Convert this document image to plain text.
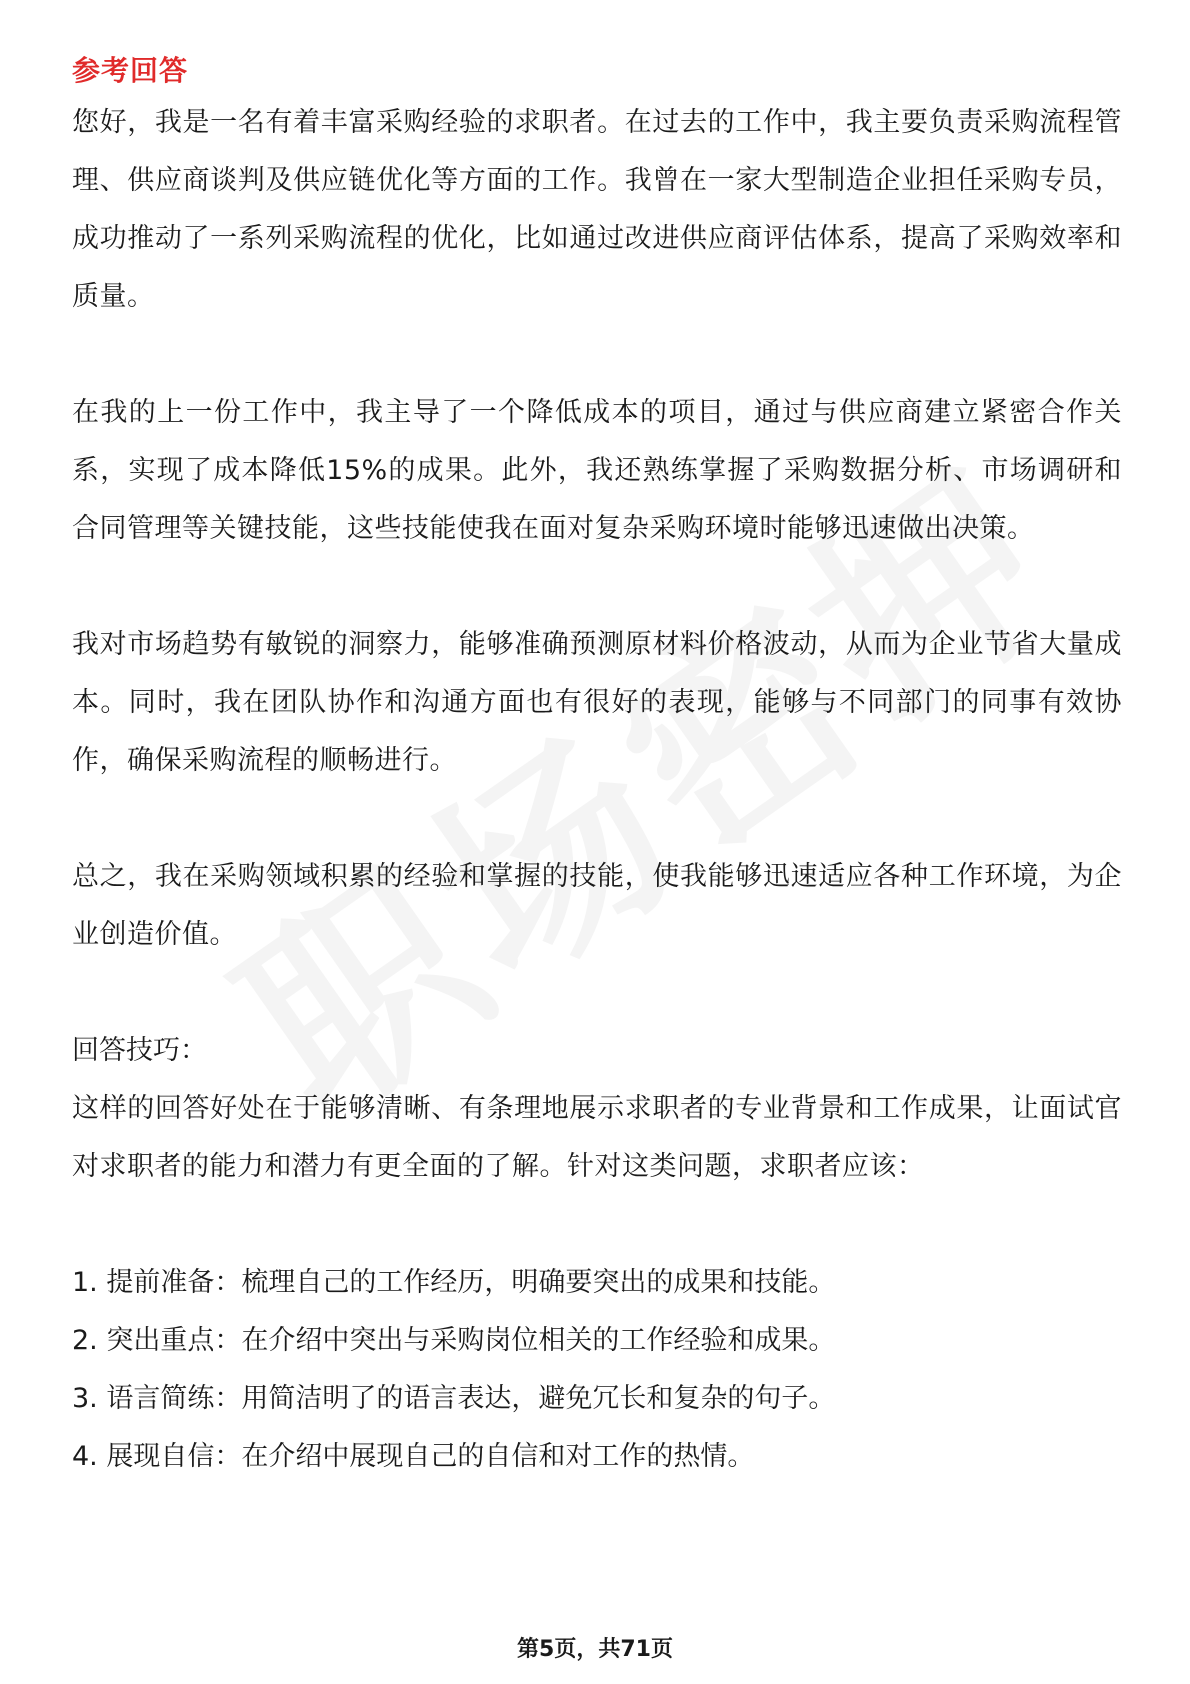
参考回答

您好，我是一名有着丰富采购经验的求职者。在过去的工作中，我主要负责采购流程管理、供应商谈判及供应链优化等方面的工作。我曾在一家大型制造企业担任采购专员，成功推动了一系列采购流程的优化，比如通过改进供应商评估体系，提高了采购效率和质量。

在我的上一份工作中，我主导了一个降低成本的项目，通过与供应商建立紧密合作关系，实现了成本降低15%的成果。此外，我还熟练掌握了采购数据分析、市场调研和合同管理等关键技能，这些技能使我在面对复杂采购环境时能够迅速做出决策。

我对市场趋势有敏锐的洞察力，能够准确预测原材料价格波动，从而为企业节省大量成本。同时，我在团队协作和沟通方面也有很好的表现，能够与不同部门的同事有效协作，确保采购流程的顺畅进行。

总之，我在采购领域积累的经验和掌握的技能，使我能够迅速适应各种工作环境，为企业创造价值。

回答技巧：

这样的回答好处在于能够清晰、有条理地展示求职者的专业背景和工作成果，让面试官对求职者的能力和潜力有更全面的了解。针对这类问题，求职者应该：

1. 提前准备：梳理自己的工作经历，明确要突出的成果和技能。
2. 突出重点：在介绍中突出与采购岗位相关的工作经验和成果。
3. 语言简练：用简洁明了的语言表达，避免冗长和复杂的句子。
4. 展现自信：在介绍中展现自己的自信和对工作的热情。
第5页，共71页
